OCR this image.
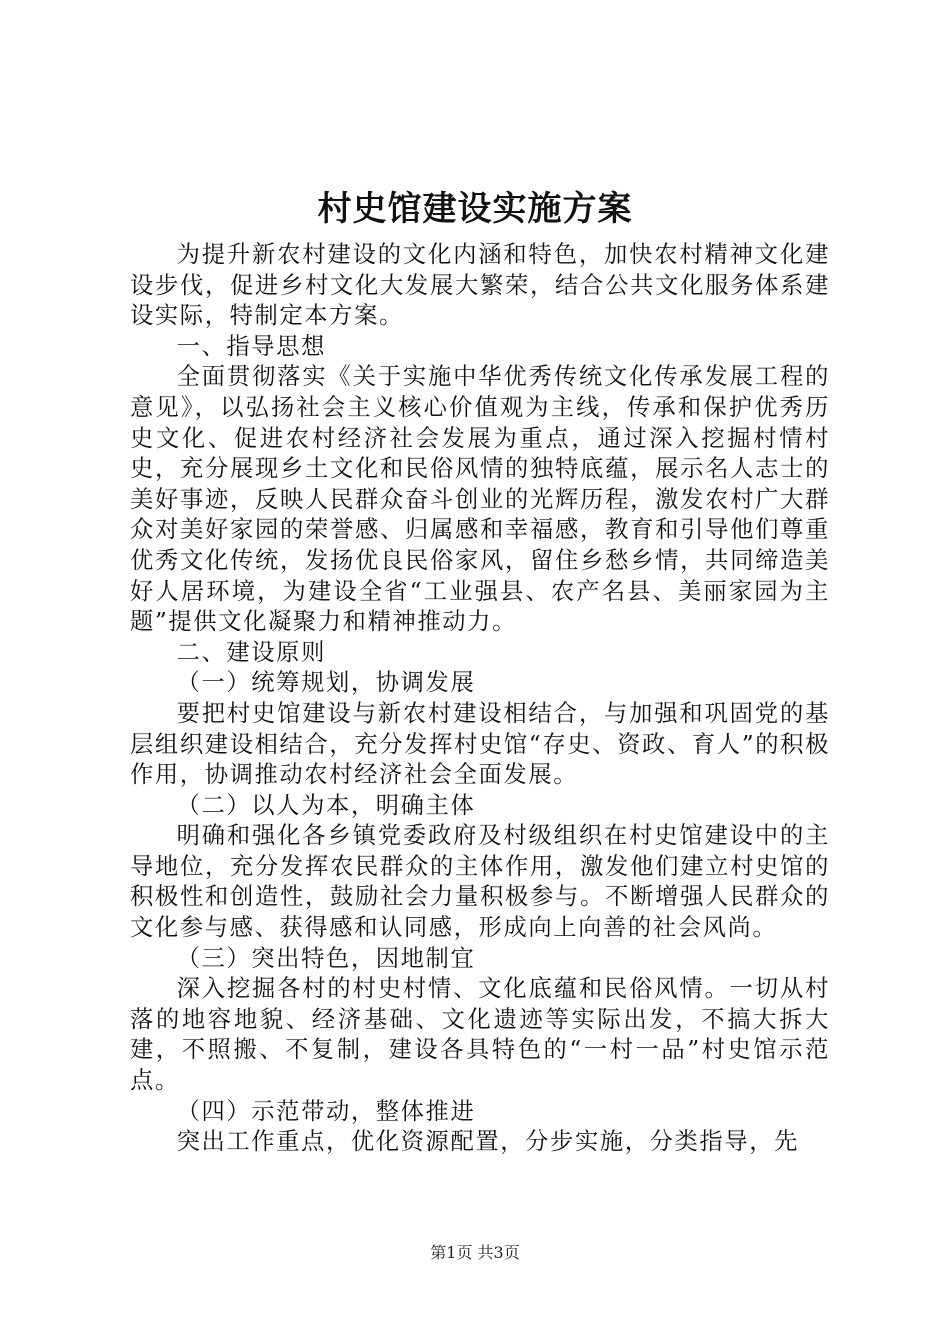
村史馆建设实施方案

为提升新农村建设的文化内涵和特色，加快农村精神文化建设步伐，促进乡村文化大发展大繁荣，结合公共文化服务体系建设实际，特制定本方案。

一、指导思想

全面贯彻落实《关于实施中华优秀传统文化传承发展工程的意见》，以弘扬社会主义核心价值观为主线，传承和保护优秀历史文化、促进农村经济社会发展为重点，通过深入挖掘村情村史，充分展现乡土文化和民俗风情的独特底蕴，展示名人志士的美好事迹，反映人民群众奋斗创业的光辉历程，激发农村广大群众对美好家园的荣誉感、归属感和幸福感，教育和引导他们尊重优秀文化传统，发扬优良民俗家风，留住乡愁乡情，共同缔造美好人居环境，为建设全省“工业强县、农产名县、美丽家园为主题”提供文化凝聚力和精神推动力。

二、建设原则

（一）统筹规划，协调发展

要把村史馆建设与新农村建设相结合，与加强和巩固党的基层组织建设相结合，充分发挥村史馆“存史、资政、育人”的积极作用，协调推动农村经济社会全面发展。

（二）以人为本，明确主体

明确和强化各乡镇党委政府及村级组织在村史馆建设中的主导地位，充分发挥农民群众的主体作用，激发他们建立村史馆的积极性和创造性，鼓励社会力量积极参与。不断增强人民群众的文化参与感、获得感和认同感，形成向上向善的社会风尚。

（三）突出特色，因地制宜

深入挖掘各村的村史村情、文化底蕴和民俗风情。一切从村落的地容地貌、经济基础、文化遗迹等实际出发，不搞大拆大建，不照搬、不复制，建设各具特色的“一村一品”村史馆示范点。

（四）示范带动，整体推进

突出工作重点，优化资源配置，分步实施，分类指导，先

第1页 共3页
